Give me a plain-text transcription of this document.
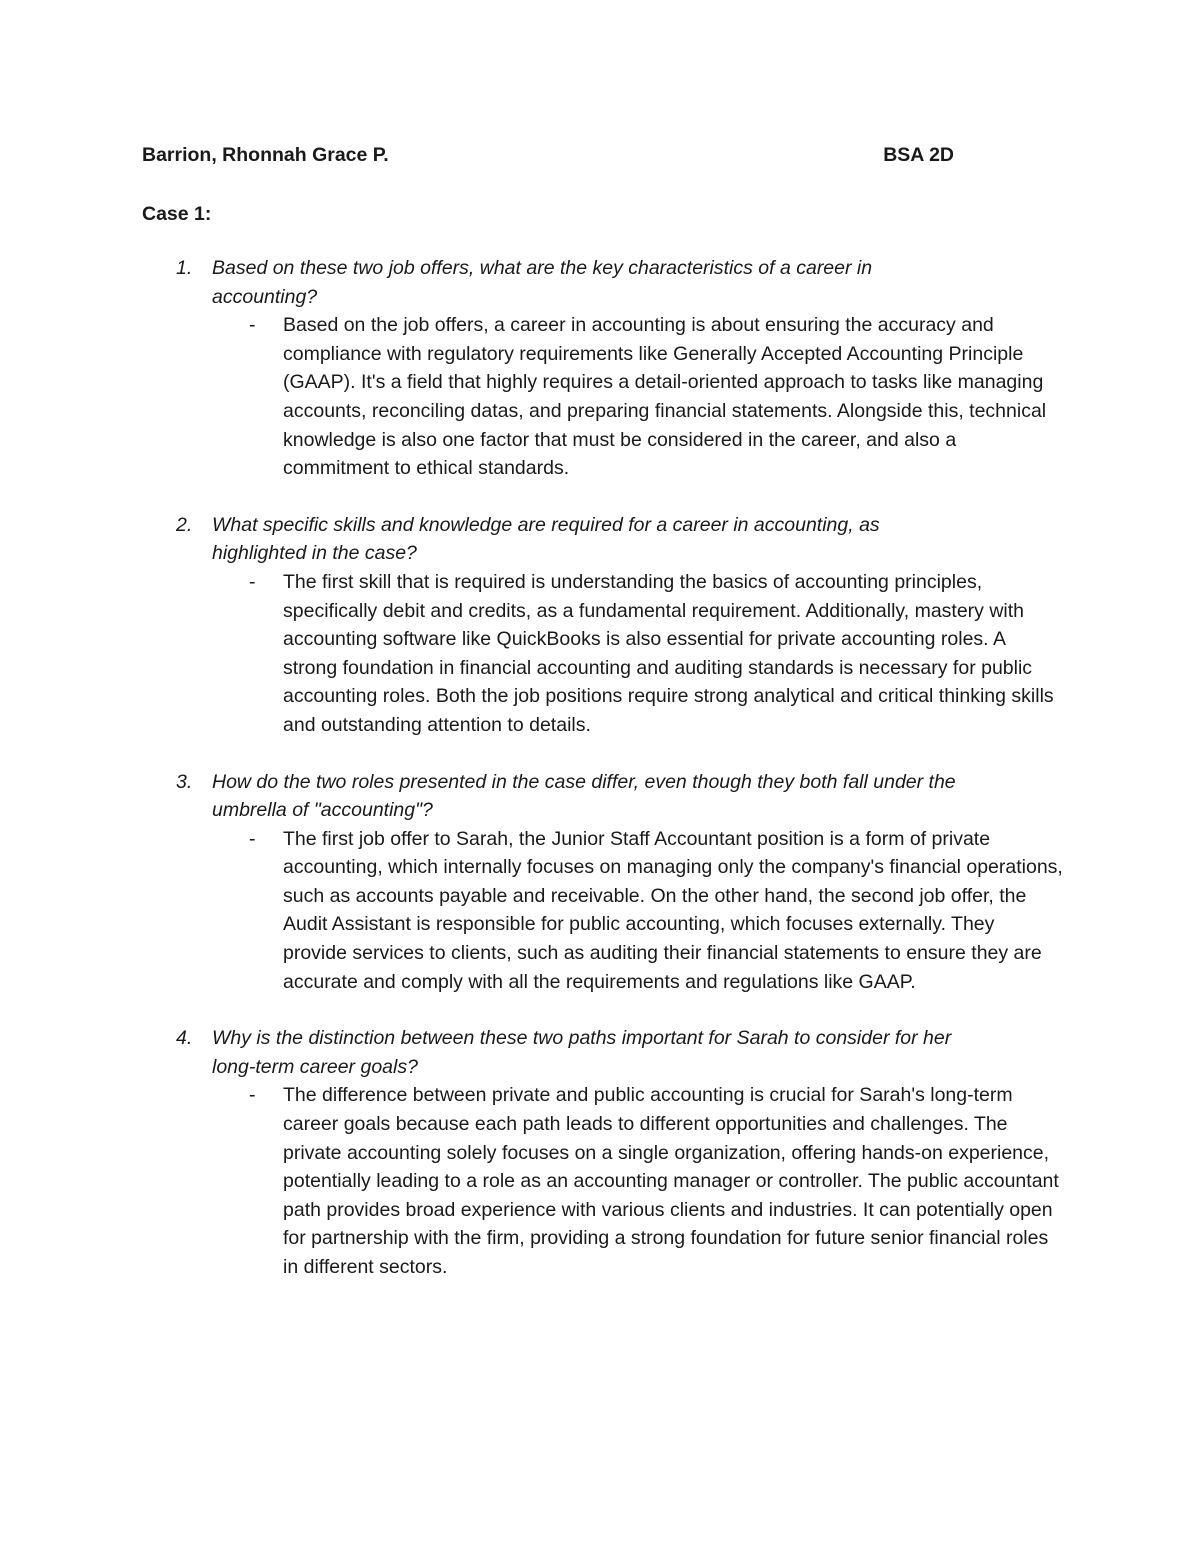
Barrion, Rhonnah Grace P.	BSA 2D
Case 1:
1. Based on these two job offers, what are the key characteristics of a career in accounting?
- Based on the job offers, a career in accounting is about ensuring the accuracy and compliance with regulatory requirements like Generally Accepted Accounting Principle (GAAP). It's a field that highly requires a detail-oriented approach to tasks like managing accounts, reconciling datas, and preparing financial statements. Alongside this, technical knowledge is also one factor that must be considered in the career, and also a commitment to ethical standards.
2. What specific skills and knowledge are required for a career in accounting, as highlighted in the case?
- The first skill that is required is understanding the basics of accounting principles, specifically debit and credits, as a fundamental requirement. Additionally, mastery with accounting software like QuickBooks is also essential for private accounting roles. A strong foundation in financial accounting and auditing standards is necessary for public accounting roles. Both the job positions require strong analytical and critical thinking skills and outstanding attention to details.
3. How do the two roles presented in the case differ, even though they both fall under the umbrella of "accounting"?
- The first job offer to Sarah, the Junior Staff Accountant position is a form of private accounting, which internally focuses on managing only the company's financial operations, such as accounts payable and receivable. On the other hand, the second job offer, the Audit Assistant is responsible for public accounting, which focuses externally. They provide services to clients, such as auditing their financial statements to ensure they are accurate and comply with all the requirements and regulations like GAAP.
4. Why is the distinction between these two paths important for Sarah to consider for her long-term career goals?
- The difference between private and public accounting is crucial for Sarah's long-term career goals because each path leads to different opportunities and challenges. The private accounting solely focuses on a single organization, offering hands-on experience, potentially leading to a role as an accounting manager or controller. The public accountant path provides broad experience with various clients and industries. It can potentially open for partnership with the firm, providing a strong foundation for future senior financial roles in different sectors.
